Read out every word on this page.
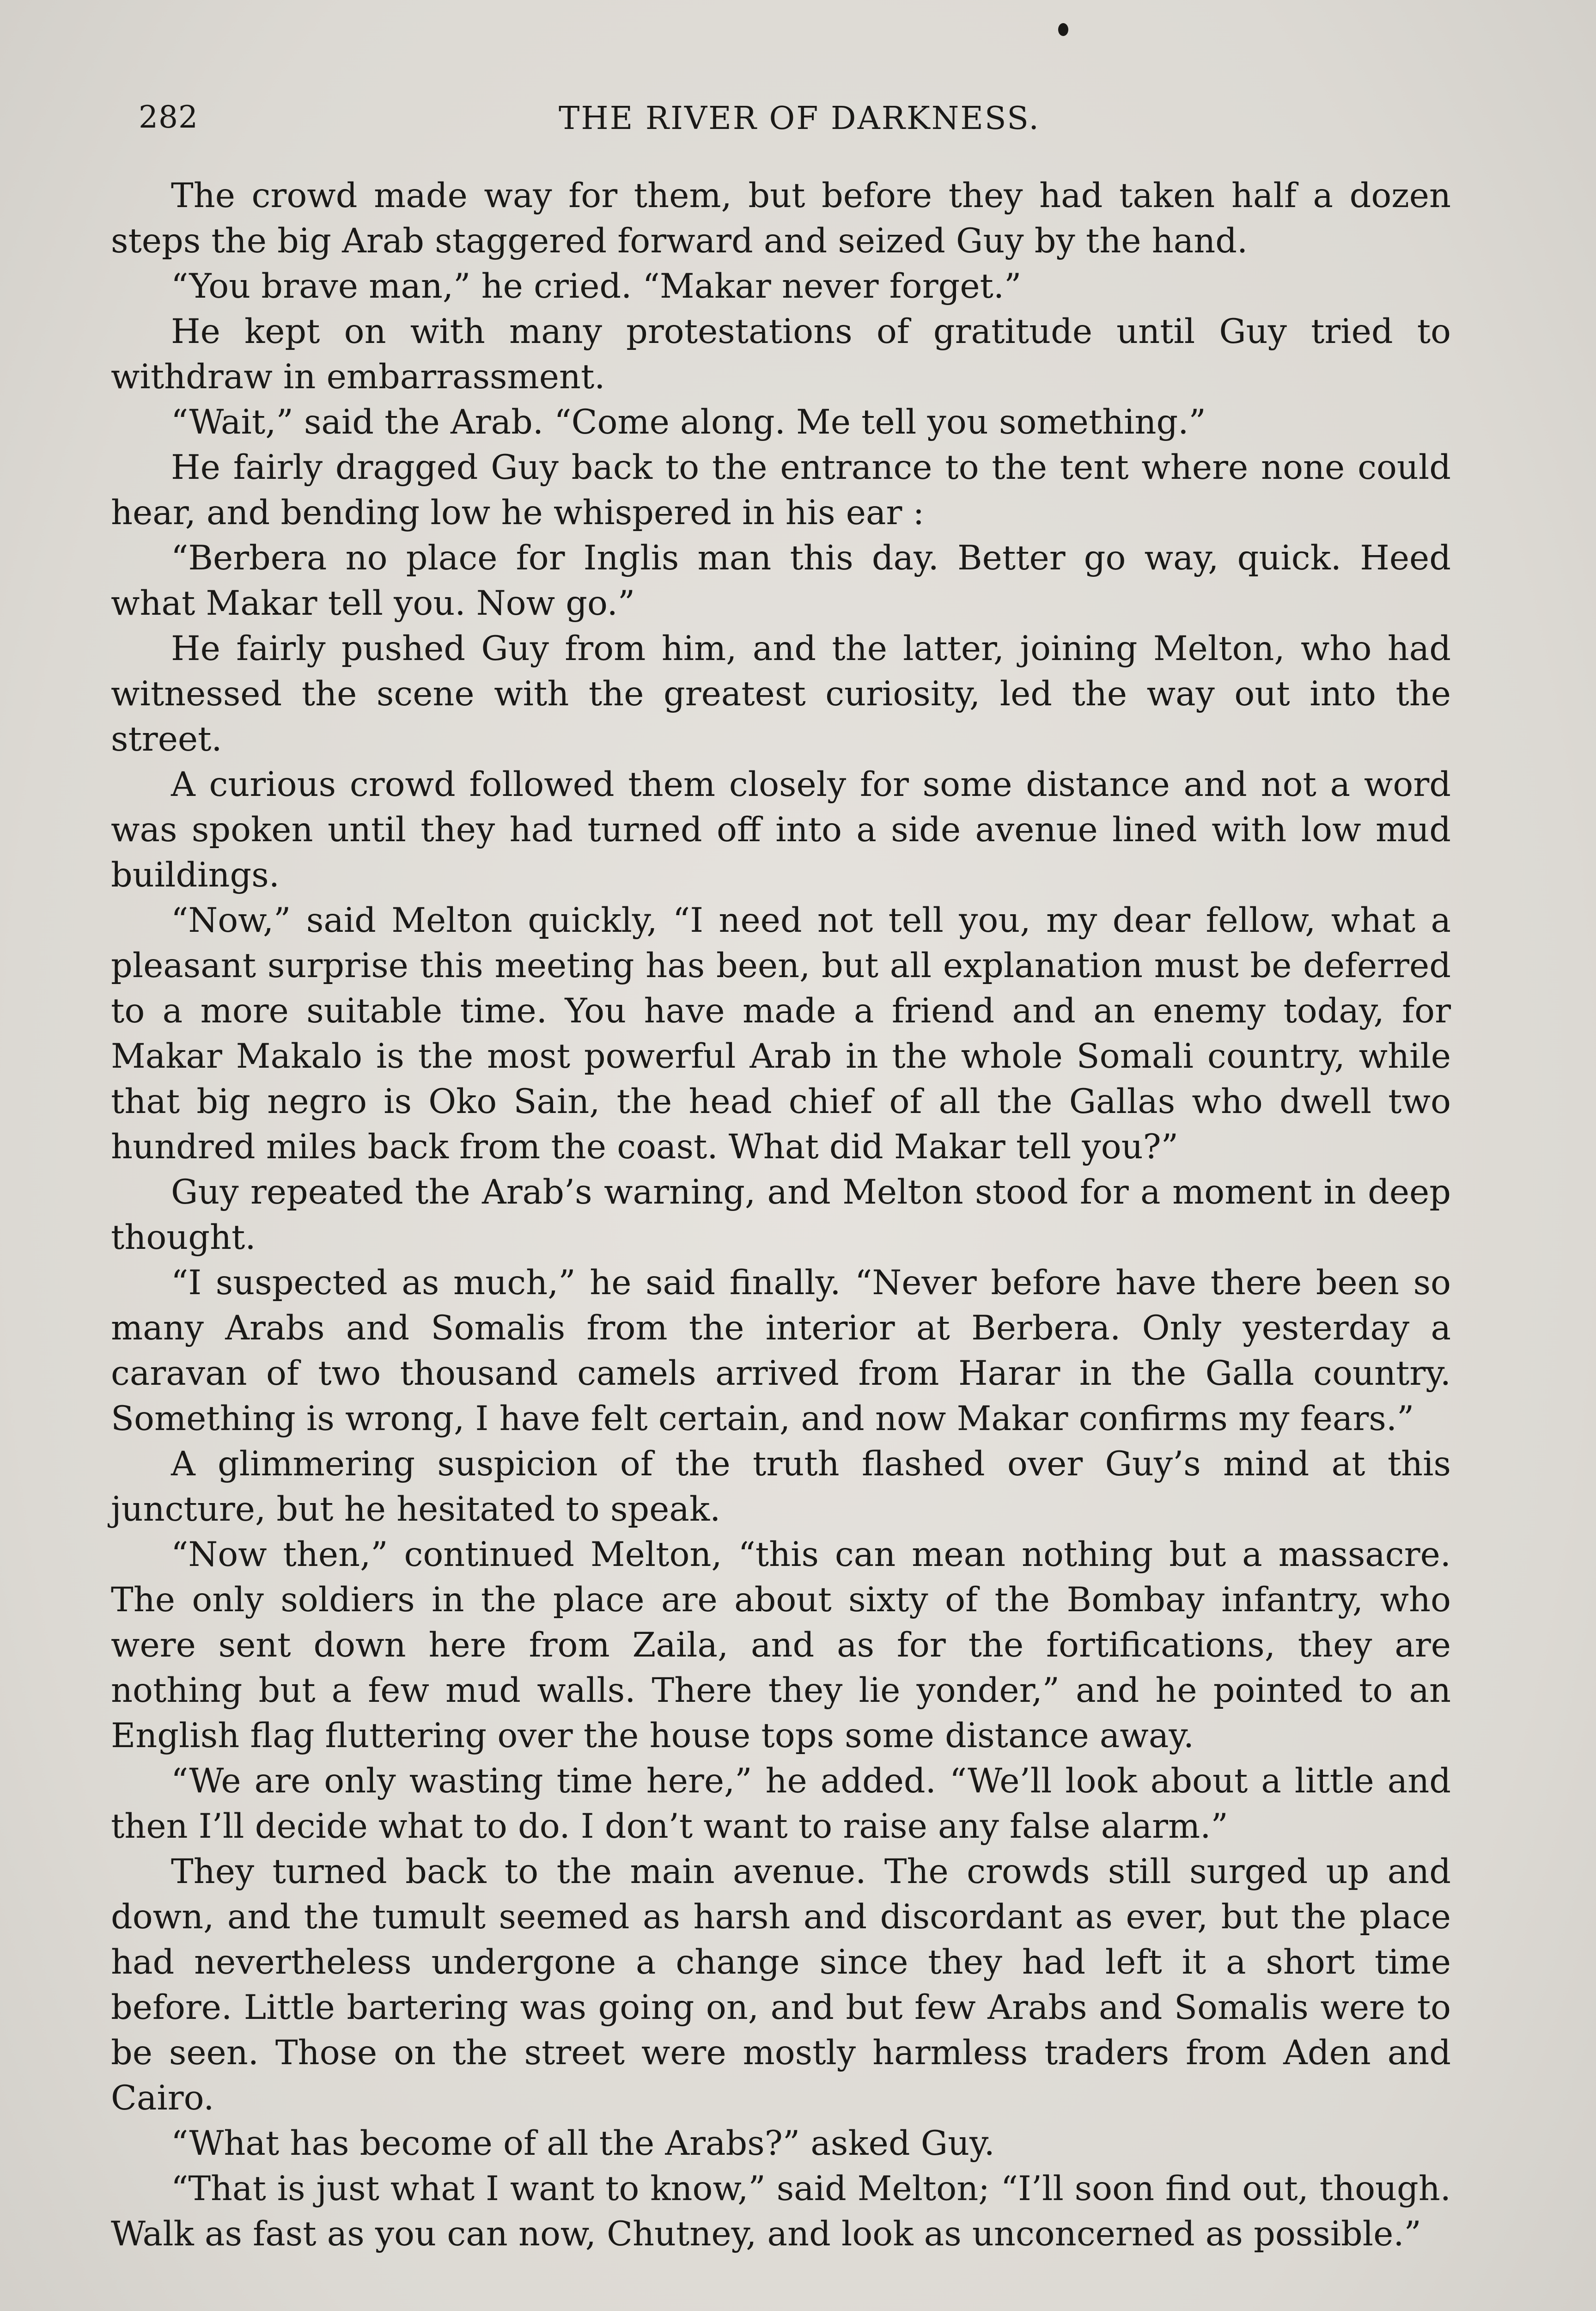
282	THE RIVER OF DARKNESS.

The crowd made way for them, but before they had taken half a dozen steps the big Arab staggered forward and seized Guy by the hand.

“You brave man,” he cried. “Makar never forget.”

He kept on with many protestations of gratitude until Guy tried to withdraw in embarrassment.

“Wait,” said the Arab. “Come along. Me tell you something.”

He fairly dragged Guy back to the entrance to the tent where none could hear, and bending low he whispered in his ear :

“Berbera no place for Inglis man this day. Better go way, quick. Heed what Makar tell you. Now go.”

He fairly pushed Guy from him, and the latter, joining Melton, who had witnessed the scene with the greatest curiosity, led the way out into the street.

A curious crowd followed them closely for some distance and not a word was spoken until they had turned off into a side avenue lined with low mud buildings.

“Now,” said Melton quickly, “I need not tell you, my dear fellow, what a pleasant surprise this meeting has been, but all explanation must be deferred to a more suitable time. You have made a friend and an enemy today, for Makar Makalo is the most powerful Arab in the whole Somali country, while that big negro is Oko Sain, the head chief of all the Gallas who dwell two hundred miles back from the coast. What did Makar tell you?”

Guy repeated the Arab’s warning, and Melton stood for a moment in deep thought.

“I suspected as much,” he said finally. “Never before have there been so many Arabs and Somalis from the interior at Berbera. Only yesterday a caravan of two thousand camels arrived from Harar in the Galla country. Something is wrong, I have felt certain, and now Makar confirms my fears.”

A glimmering suspicion of the truth flashed over Guy’s mind at this juncture, but he hesitated to speak.

“Now then,” continued Melton, “this can mean nothing but a massacre. The only soldiers in the place are about sixty of the Bombay infantry, who were sent down here from Zaila, and as for the fortifications, they are nothing but a few mud walls. There they lie yonder,” and he pointed to an English flag fluttering over the house tops some distance away.

“We are only wasting time here,” he added. “We’ll look about a little and then I’ll decide what to do. I don’t want to raise any false alarm.”

They turned back to the main avenue. The crowds still surged up and down, and the tumult seemed as harsh and discordant as ever, but the place had nevertheless undergone a change since they had left it a short time before. Little bartering was going on, and but few Arabs and Somalis were to be seen. Those on the street were mostly harmless traders from Aden and Cairo.

“What has become of all the Arabs?” asked Guy.

“That is just what I want to know,” said Melton; “I’ll soon find out, though. Walk as fast as you can now, Chutney, and look as unconcerned as possible.”
